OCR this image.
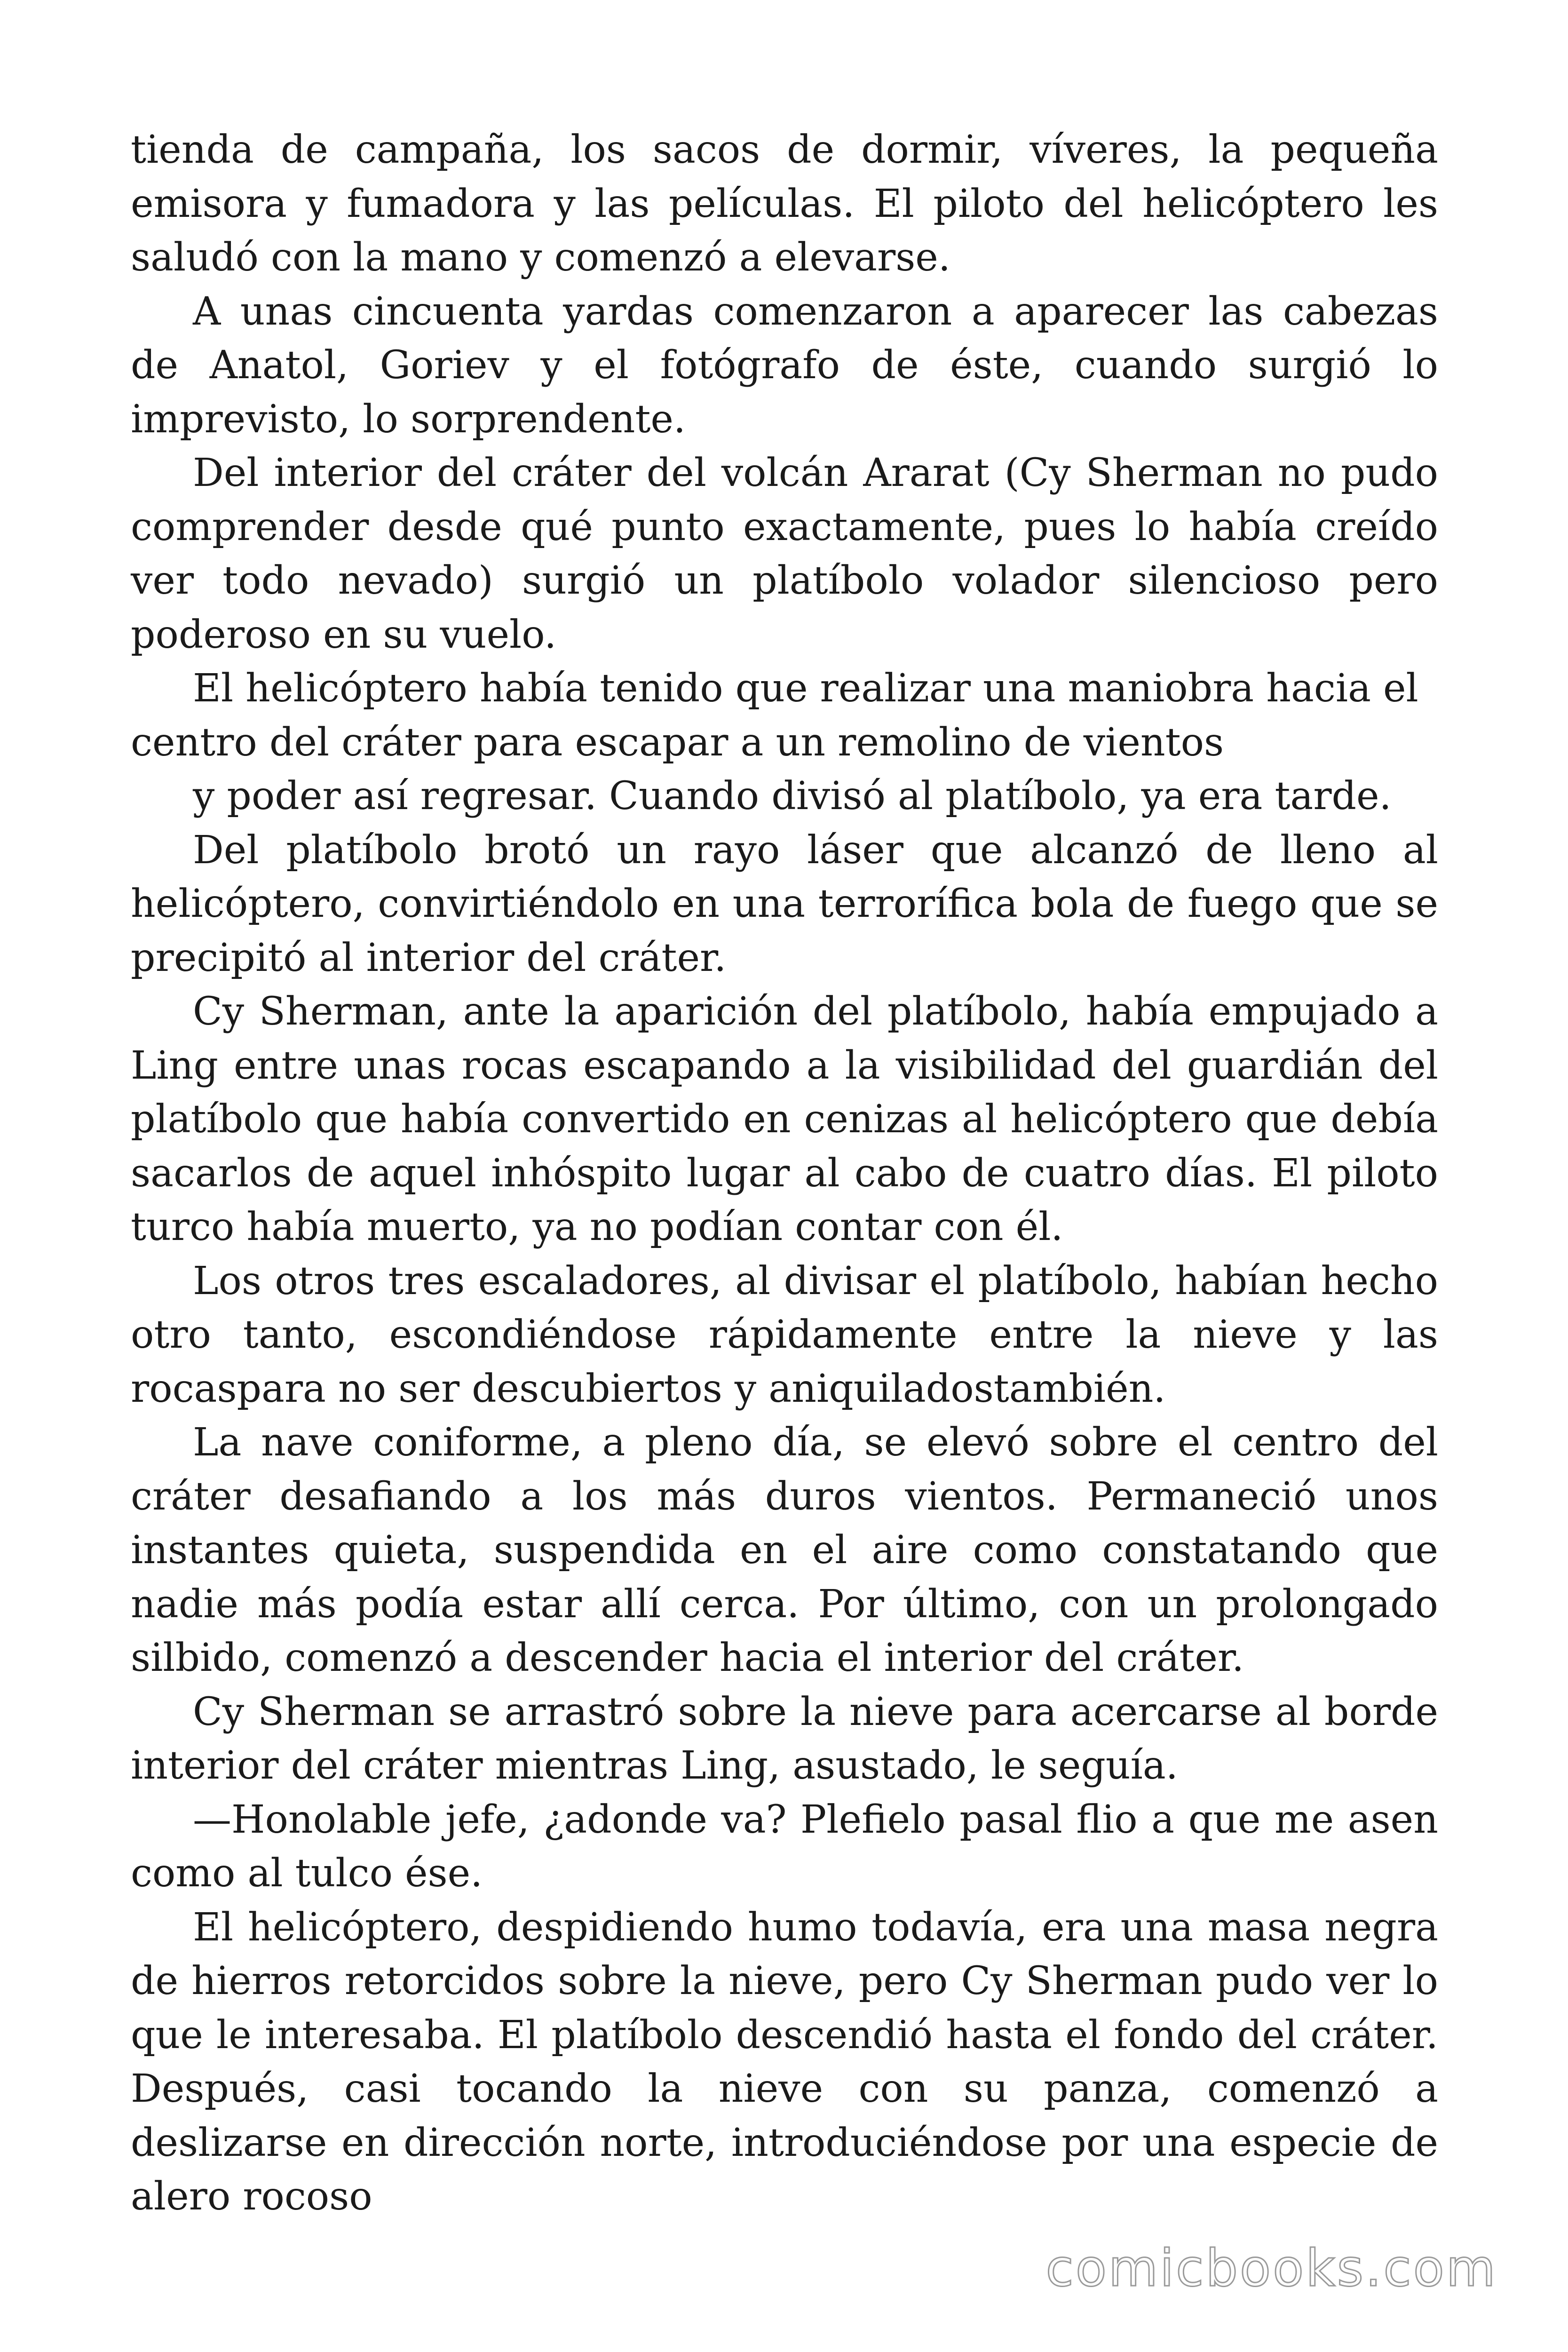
tienda de campaña, los sacos de dormir, víveres, la pequeña emisora y fumadora y las películas. El piloto del helicóptero les saludó con la mano y comenzó a elevarse.

A unas cincuenta yardas comenzaron a aparecer las cabezas de Anatol, Goriev y el fotógrafo de éste, cuando surgió lo imprevisto, lo sorprendente.

Del interior del cráter del volcán Ararat (Cy Sherman no pudo comprender desde qué punto exactamente, pues lo había creído ver todo nevado) surgió un platíbolo volador silencioso pero poderoso en su vuelo.

El helicóptero había tenido que realizar una maniobra hacia el centro del cráter para escapar a un remolino de vientos

y poder así regresar. Cuando divisó al platíbolo, ya era tarde.

Del platíbolo brotó un rayo láser que alcanzó de lleno al helicóptero, convirtiéndolo en una terrorífica bola de fuego que se precipitó al interior del cráter.

Cy Sherman, ante la aparición del platíbolo, había empujado a Ling entre unas rocas escapando a la visibilidad del guardián del platíbolo que había convertido en cenizas al helicóptero que debía sacarlos de aquel inhóspito lugar al cabo de cuatro días. El piloto turco había muerto, ya no podían contar con él.

Los otros tres escaladores, al divisar el platíbolo, habían hecho otro tanto, escondiéndose rápidamente entre la nieve y las rocaspara no ser descubiertos y aniquiladostambién.

La nave coniforme, a pleno día, se elevó sobre el centro del cráter desafiando a los más duros vientos. Permaneció unos instantes quieta, suspendida en el aire como constatando que nadie más podía estar allí cerca. Por último, con un prolongado silbido, comenzó a descender hacia el interior del cráter.

Cy Sherman se arrastró sobre la nieve para acercarse al borde interior del cráter mientras Ling, asustado, le seguía.

—Honolable jefe, ¿adonde va? Plefielo pasal flio a que me asen como al tulco ése.

El helicóptero, despidiendo humo todavía, era una masa negra de hierros retorcidos sobre la nieve, pero Cy Sherman pudo ver lo que le interesaba. El platíbolo descendió hasta el fondo del cráter. Después, casi tocando la nieve con su panza, comenzó a deslizarse en dirección norte, introduciéndose por una especie de alero rocoso

comicbooks.com
